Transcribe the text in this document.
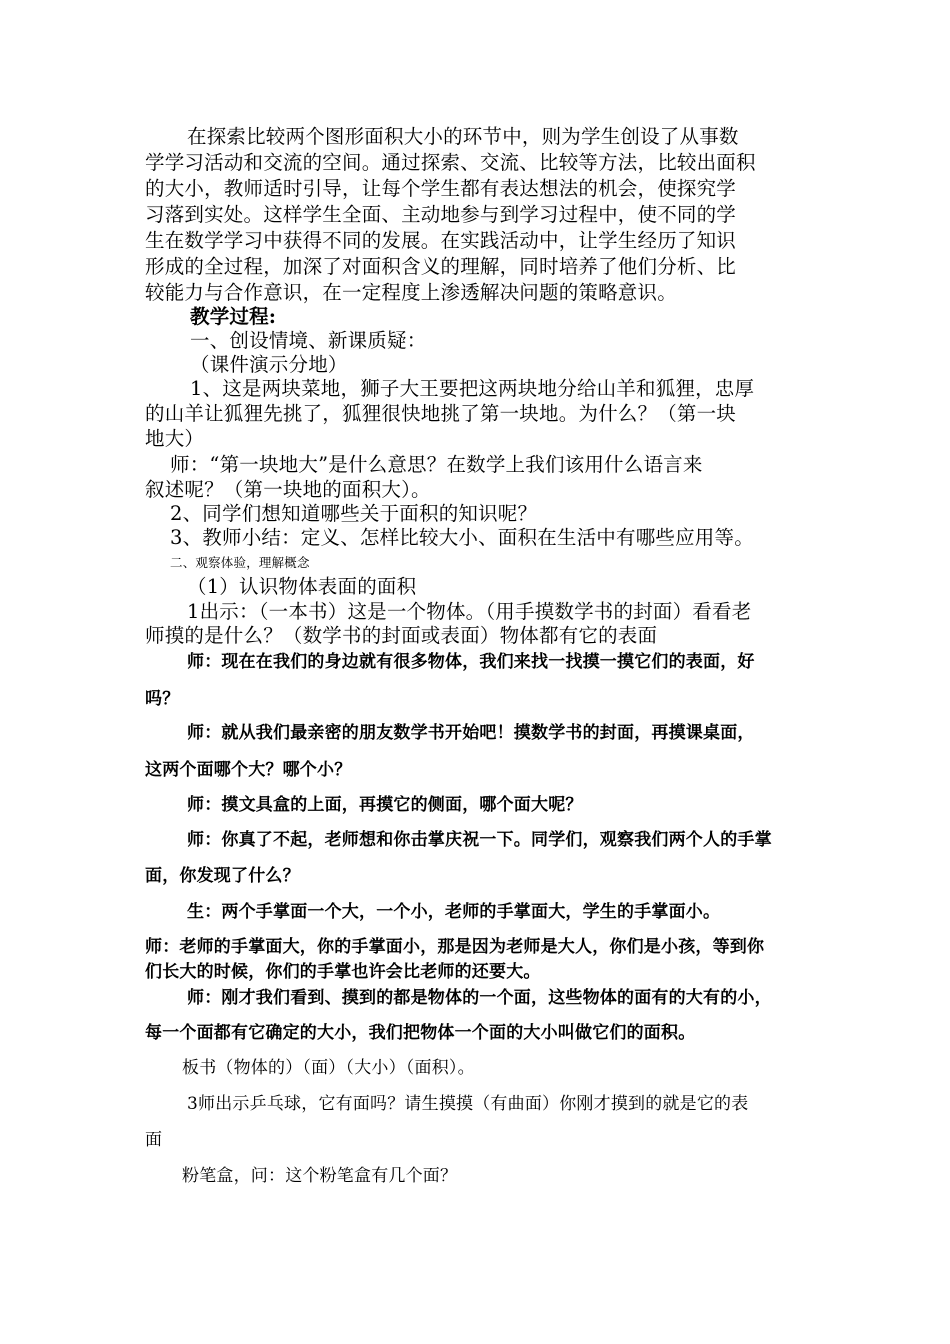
在探索比较两个图形面积大小的环节中，则为学生创设了从事数
学学习活动和交流的空间。通过探索、交流、比较等方法，比较出面积
的大小，教师适时引导，让每个学生都有表达想法的机会，使探究学
习落到实处。这样学生全面、主动地参与到学习过程中，使不同的学
生在数学学习中获得不同的发展。在实践活动中，让学生经历了知识
形成的全过程，加深了对面积含义的理解，同时培养了他们分析、比
较能力与合作意识，在一定程度上渗透解决问题的策略意识。
教学过程:
一、创设情境、新课质疑：
（课件演示分地）
1、这是两块菜地，狮子大王要把这两块地分给山羊和狐狸，忠厚
的山羊让狐狸先挑了，狐狸很快地挑了第一块地。为什么？（第一块
地大）
师：“第一块地大”是什么意思？在数学上我们该用什么语言来
叙述呢？（第一块地的面积大）。
2、同学们想知道哪些关于面积的知识呢？
3、教师小结：定义、怎样比较大小、面积在生活中有哪些应用等。
二、观察体验，理解概念
（1）认识物体表面的面积
1出示：（一本书）这是一个物体。（用手摸数学书的封面）看看老
师摸的是什么？（数学书的封面或表面）物体都有它的表面
师：现在在我们的身边就有很多物体，我们来找一找摸一摸它们的表面，好
吗？
师：就从我们最亲密的朋友数学书开始吧！摸数学书的封面，再摸课桌面，
这两个面哪个大？哪个小？
师：摸文具盒的上面，再摸它的侧面，哪个面大呢？
师：你真了不起，老师想和你击掌庆祝一下。同学们，观察我们两个人的手掌
面，你发现了什么？
生：两个手掌面一个大，一个小，老师的手掌面大，学生的手掌面小。
师：老师的手掌面大，你的手掌面小，那是因为老师是大人，你们是小孩，等到你
们长大的时候，你们的手掌也许会比老师的还要大。
师：刚才我们看到、摸到的都是物体的一个面，这些物体的面有的大有的小，
每一个面都有它确定的大小，我们把物体一个面的大小叫做它们的面积。
板书（物体的）（面）（大小）（面积）。
3师出示乒乓球，它有面吗？请生摸摸（有曲面）你刚才摸到的就是它的表
面
粉笔盒，问：这个粉笔盒有几个面？
